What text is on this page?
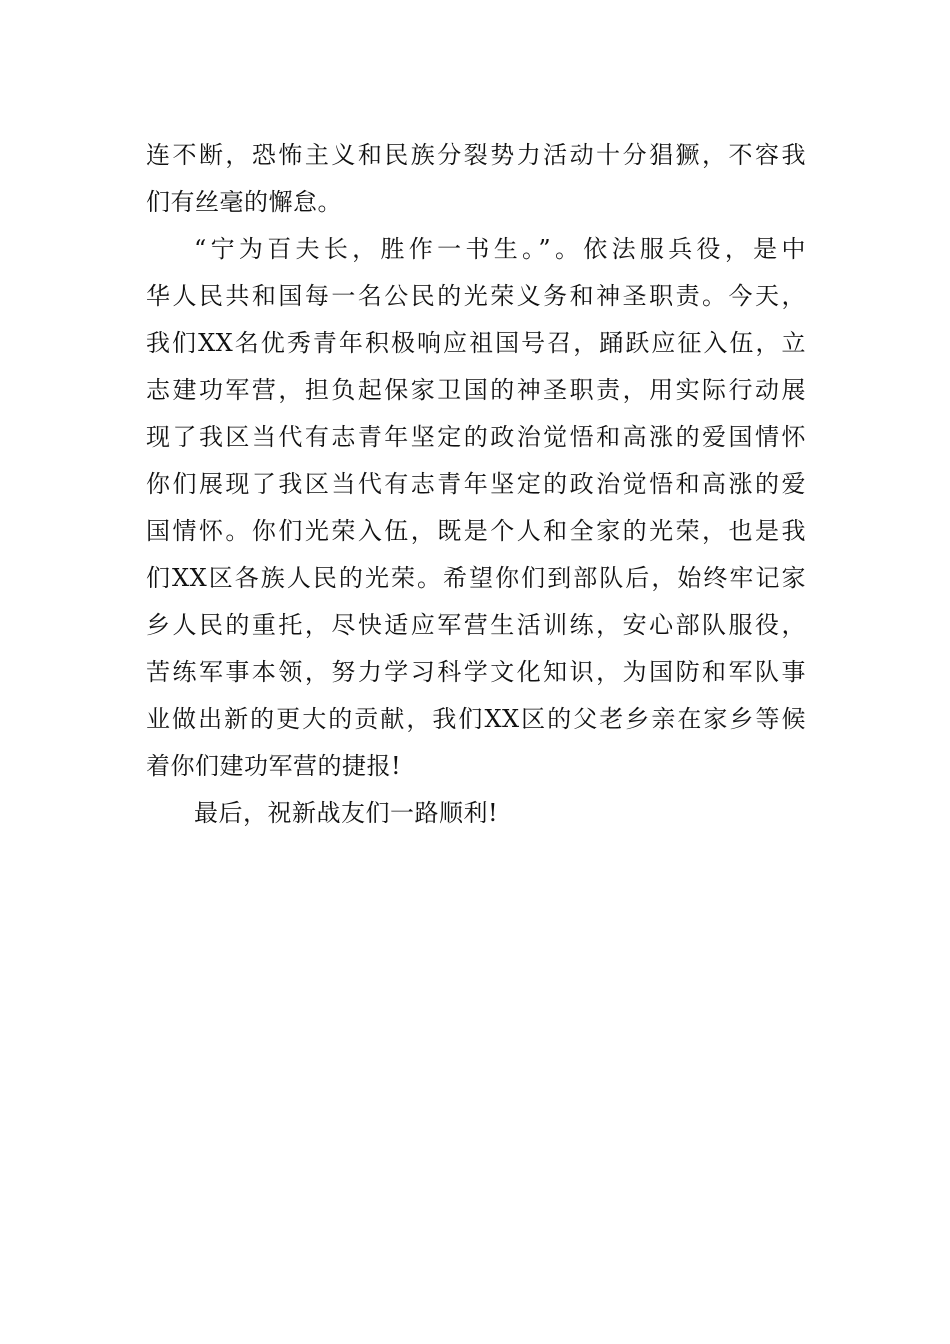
连不断，恐怖主义和民族分裂势力活动十分猖獗，不容我
们有丝毫的懈怠。
“宁为百夫长，胜作一书生。”。依法服兵役，是中
华人民共和国每一名公民的光荣义务和神圣职责。今天，
我们XX名优秀青年积极响应祖国号召，踊跃应征入伍，立
志建功军营，担负起保家卫国的神圣职责，用实际行动展
现了我区当代有志青年坚定的政治觉悟和高涨的爱国情怀
你们展现了我区当代有志青年坚定的政治觉悟和高涨的爱
国情怀。你们光荣入伍，既是个人和全家的光荣，也是我
们XX区各族人民的光荣。希望你们到部队后，始终牢记家
乡人民的重托，尽快适应军营生活训练，安心部队服役，
苦练军事本领，努力学习科学文化知识，为国防和军队事
业做出新的更大的贡献，我们XX区的父老乡亲在家乡等候
着你们建功军营的捷报!
最后，祝新战友们一路顺利!
